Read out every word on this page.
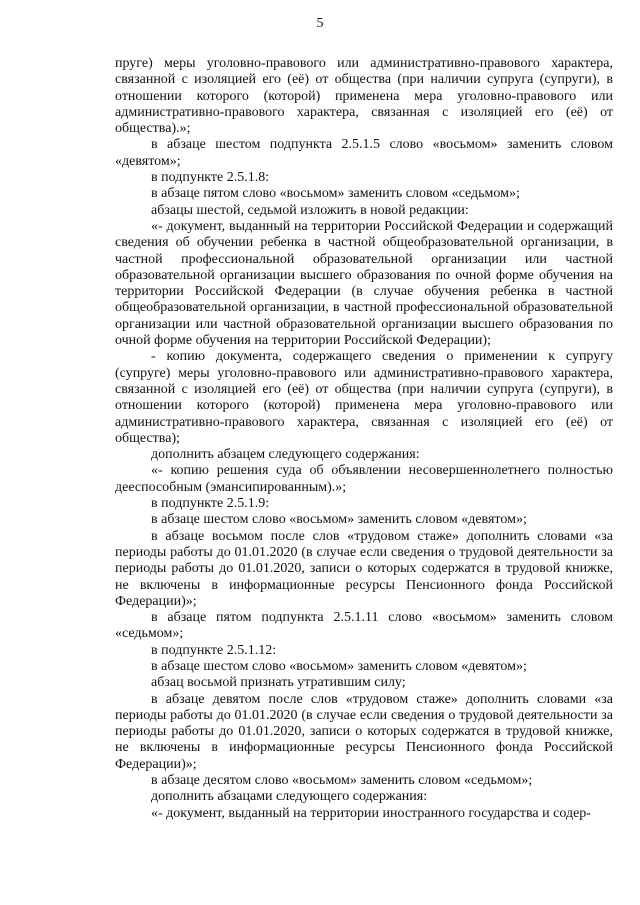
5

пруге) меры уголовно-правового или административно-правового характера, связанной с изоляцией его (её) от общества (при наличии супруга (супруги), в отношении которого (которой) применена мера уголовно-правового или административно-правового характера, связанная с изоляцией его (её) от общества).»;

в абзаце шестом подпункта 2.5.1.5 слово «восьмом» заменить словом «девятом»;

в подпункте 2.5.1.8:

в абзаце пятом слово «восьмом» заменить словом «седьмом»;

абзацы шестой, седьмой изложить в новой редакции:

«- документ, выданный на территории Российской Федерации и содержащий сведения об обучении ребенка в частной общеобразовательной организации, в частной профессиональной образовательной организации или частной образовательной организации высшего образования по очной форме обучения на территории Российской Федерации (в случае обучения ребенка в частной общеобразовательной организации, в частной профессиональной образовательной организации или частной образовательной организации высшего образования по очной форме обучения на территории Российской Федерации);

- копию документа, содержащего сведения о применении к супругу (супруге) меры уголовно-правового или административно-правового характера, связанной с изоляцией его (её) от общества (при наличии супруга (супруги), в отношении которого (которой) применена мера уголовно-правового или административно-правового характера, связанная с изоляцией его (её) от общества);

дополнить абзацем следующего содержания:

«- копию решения суда об объявлении несовершеннолетнего полностью дееспособным (эмансипированным).»;

в подпункте 2.5.1.9:

в абзаце шестом слово «восьмом» заменить словом «девятом»;

в абзаце восьмом после слов «трудовом стаже» дополнить словами «за периоды работы до 01.01.2020 (в случае если сведения о трудовой деятельности за периоды работы до 01.01.2020, записи о которых содержатся в трудовой книжке, не включены в информационные ресурсы Пенсионного фонда Российской Федерации)»;

в абзаце пятом подпункта 2.5.1.11 слово «восьмом» заменить словом «седьмом»;

в подпункте 2.5.1.12:

в абзаце шестом слово «восьмом» заменить словом «девятом»;

абзац восьмой признать утратившим силу;

в абзаце девятом после слов «трудовом стаже» дополнить словами «за периоды работы до 01.01.2020 (в случае если сведения о трудовой деятельности за периоды работы до 01.01.2020, записи о которых содержатся в трудовой книжке, не включены в информационные ресурсы Пенсионного фонда Российской Федерации)»;

в абзаце десятом слово «восьмом» заменить словом «седьмом»;

дополнить абзацами следующего содержания:

«- документ, выданный на территории иностранного государства и содер-
